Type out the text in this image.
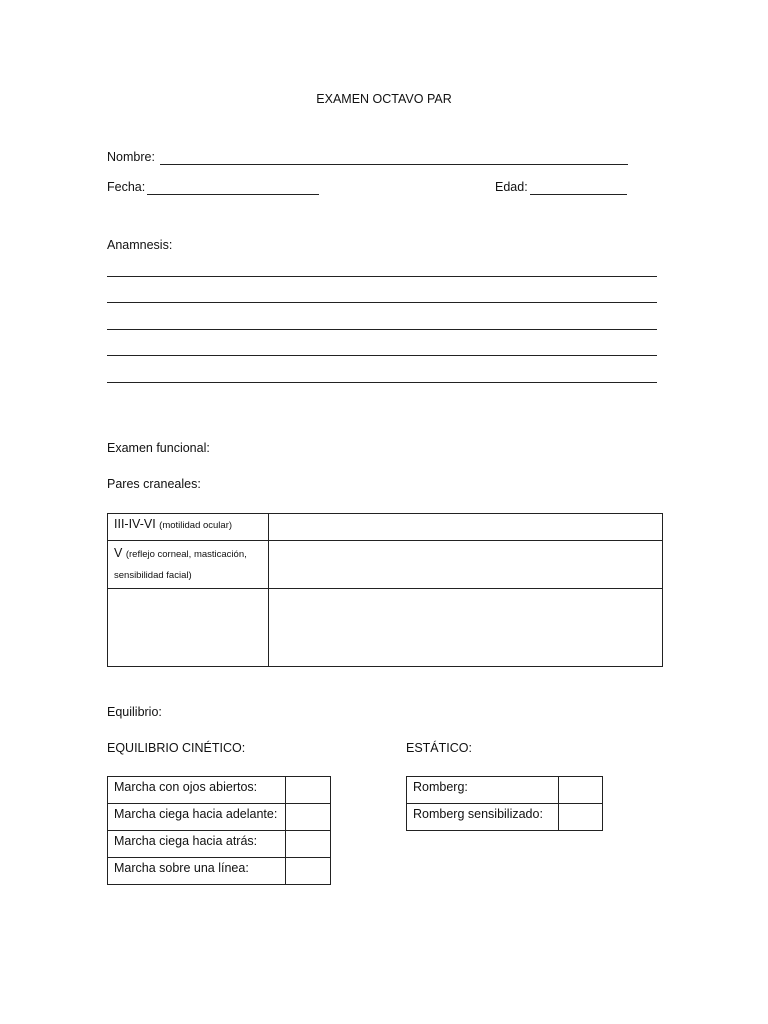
EXAMEN OCTAVO PAR
Nombre:
Fecha:	Edad:
Anamnesis:
Examen funcional:
Pares craneales:
III-IV-VI (motilidad ocular)	

V (reflejo corneal, masticación,
sensibilidad facial)	

Equilibrio:
EQUILIBRIO CINÉTICO:	ESTÁTICO:
Marcha con ojos abiertos:	
Marcha ciega hacia adelante:	
Marcha ciega hacia atrás:	
Marcha sobre una línea:	
Romberg:	
Romberg sensibilizado:	
